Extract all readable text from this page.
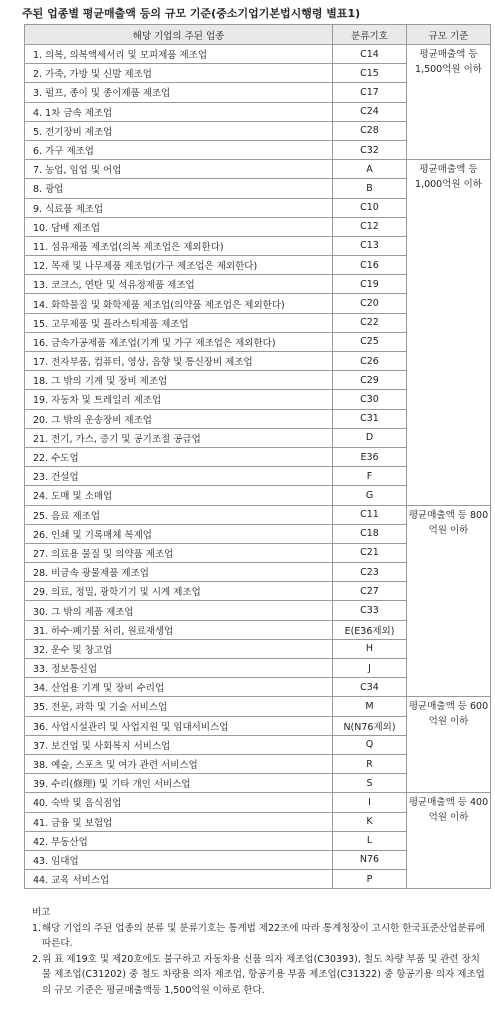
주된 업종별 평균매출액 등의 규모 기준(중소기업기본법시행령 별표1)
해당 기업의 주된 업종	분류기호	규모 기준
1. 의복, 의복액세서리 및 모피제품 제조업	C14	평균매출액 등 1,500억원 이하
2. 가죽, 가방 및 신발 제조업	C15	
3. 펄프, 종이 및 종이제품 제조업	C17	
4. 1차 금속 제조업	C24	
5. 전기장비 제조업	C28	
6. 가구 제조업	C32	
7. 농업, 임업 및 어업	A	평균매출액 등 1,000억원 이하
8. 광업	B	
9. 식료품 제조업	C10	
10. 담배 제조업	C12	
11. 섬유제품 제조업(의복 제조업은 제외한다)	C13	
12. 목재 및 나무제품 제조업(가구 제조업은 제외한다)	C16	
13. 코크스, 연탄 및 석유정제품 제조업	C19	
14. 화학물질 및 화학제품 제조업(의약품 제조업은 제외한다)	C20	
15. 고무제품 및 플라스틱제품 제조업	C22	
16. 금속가공제품 제조업(기계 및 가구 제조업은 제외한다)	C25	
17. 전자부품, 컴퓨터, 영상, 음향 및 통신장비 제조업	C26	
18. 그 밖의 기계 및 장비 제조업	C29	
19. 자동차 및 트레일러 제조업	C30	
20. 그 밖의 운송장비 제조업	C31	
21. 전기, 가스, 증기 및 공기조절 공급업	D	
22. 수도업	E36	
23. 건설업	F	
24. 도매 및 소매업	G	
25. 음료 제조업	C11	평균매출액 등 800억원 이하
26. 인쇄 및 기록매체 복제업	C18	
27. 의료용 물질 및 의약품 제조업	C21	
28. 비금속 광물제품 제조업	C23	
29. 의료, 정밀, 광학기기 및 시계 제조업	C27	
30. 그 밖의 제품 제조업	C33	
31. 하수·폐기물 처리, 원료재생업	E(E36제외)	
32. 운수 및 창고업	H	
33. 정보통신업	J	
34. 산업용 기계 및 장비 수리업	C34	
35. 전문, 과학 및 기술 서비스업	M	평균매출액 등 600억원 이하
36. 사업시설관리 및 사업지원 및 임대서비스업	N(N76제외)	
37. 보건업 및 사회복지 서비스업	Q	
38. 예술, 스포츠 및 여가 관련 서비스업	R	
39. 수리(修理) 및 기타 개인 서비스업	S	
40. 숙박 및 음식점업	I	평균매출액 등 400억원 이하
41. 금융 및 보험업	K	
42. 부동산업	L	
43. 임대업	N76	
44. 교육 서비스업	P	
비고
1. 해당 기업의 주된 업종의 분류 및 분류기호는 통계법 제22조에 따라 통계청장이 고시한 한국표준산업분류에 따른다.
2. 위 표 제19호 및 제20호에도 불구하고 자동차용 신품 의자 제조업(C30393), 철도 차량 부품 및 관련 장치물 제조업(C31202) 중 철도 차량용 의자 제조업, 항공기용 부품 제조업(C31322) 중 항공기용 의자 제조업의 규모 기준은 평균매출액등 1,500억원 이하로 한다.
